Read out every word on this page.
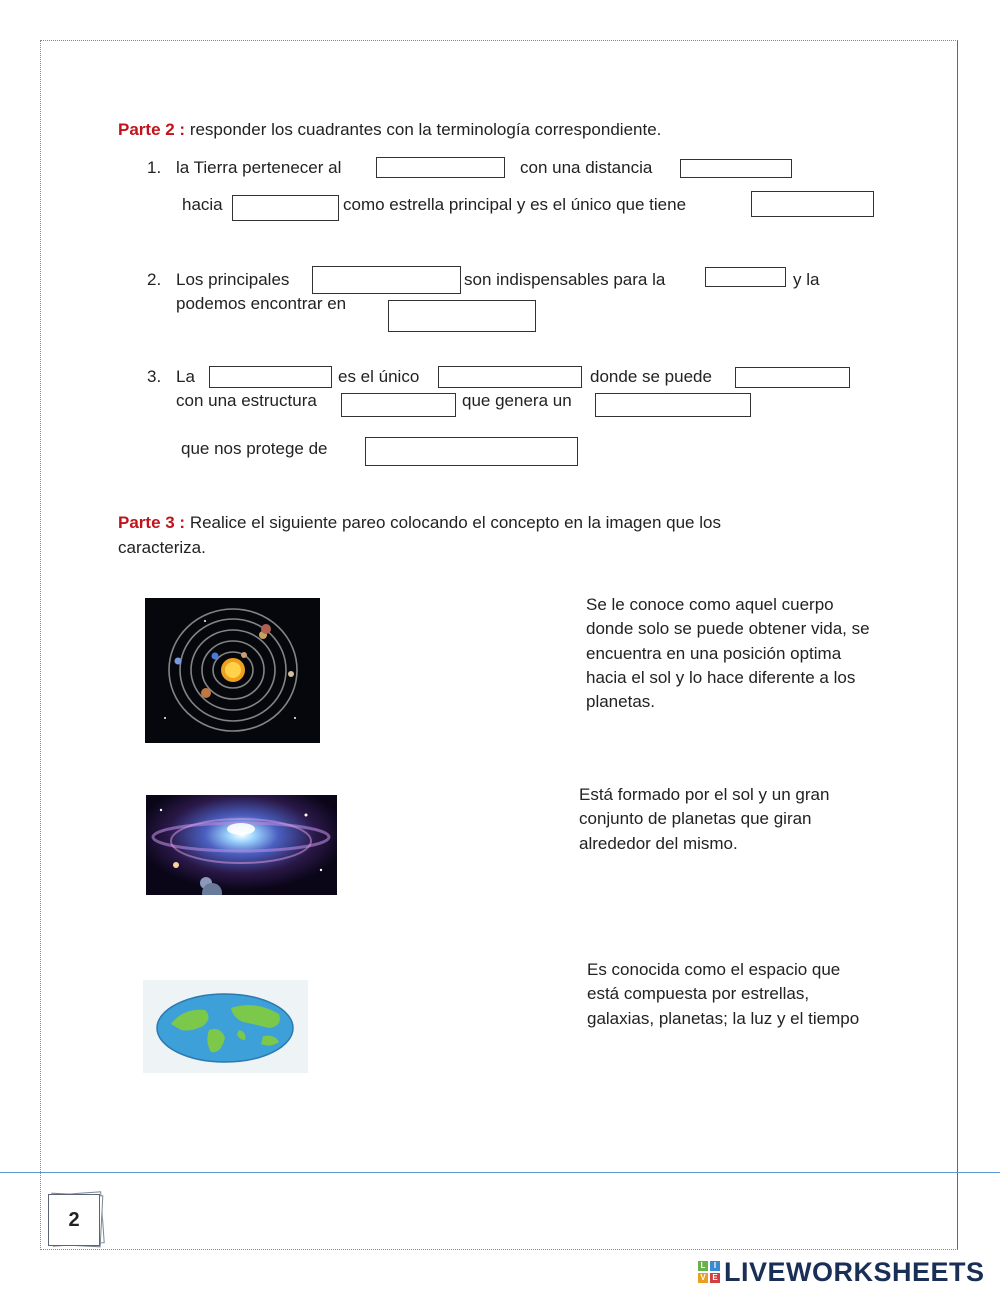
Parte 2 : responder los cuadrantes con la terminología correspondiente.
1. la Tierra pertenecer al	con una distancia
hacia	como estrella principal y es el único que tiene
2. Los principales	son indispensables para la	y la
podemos encontrar en
3. La	es el único	donde se puede
con una estructura	que genera un
que nos protege de
Parte 3 : Realice el siguiente pareo colocando el concepto en la imagen que los
caracteriza.
Se le conoce como aquel cuerpo donde solo se puede obtener vida, se encuentra en una posición optima hacia el sol y lo hace diferente a los planetas.
Está formado por el sol y un gran conjunto de planetas que giran alrededor del mismo.
Es conocida como el espacio que está compuesta por estrellas, galaxias, planetas; la luz y el tiempo
2
L	I
V E LIVEWORKSHEETS
